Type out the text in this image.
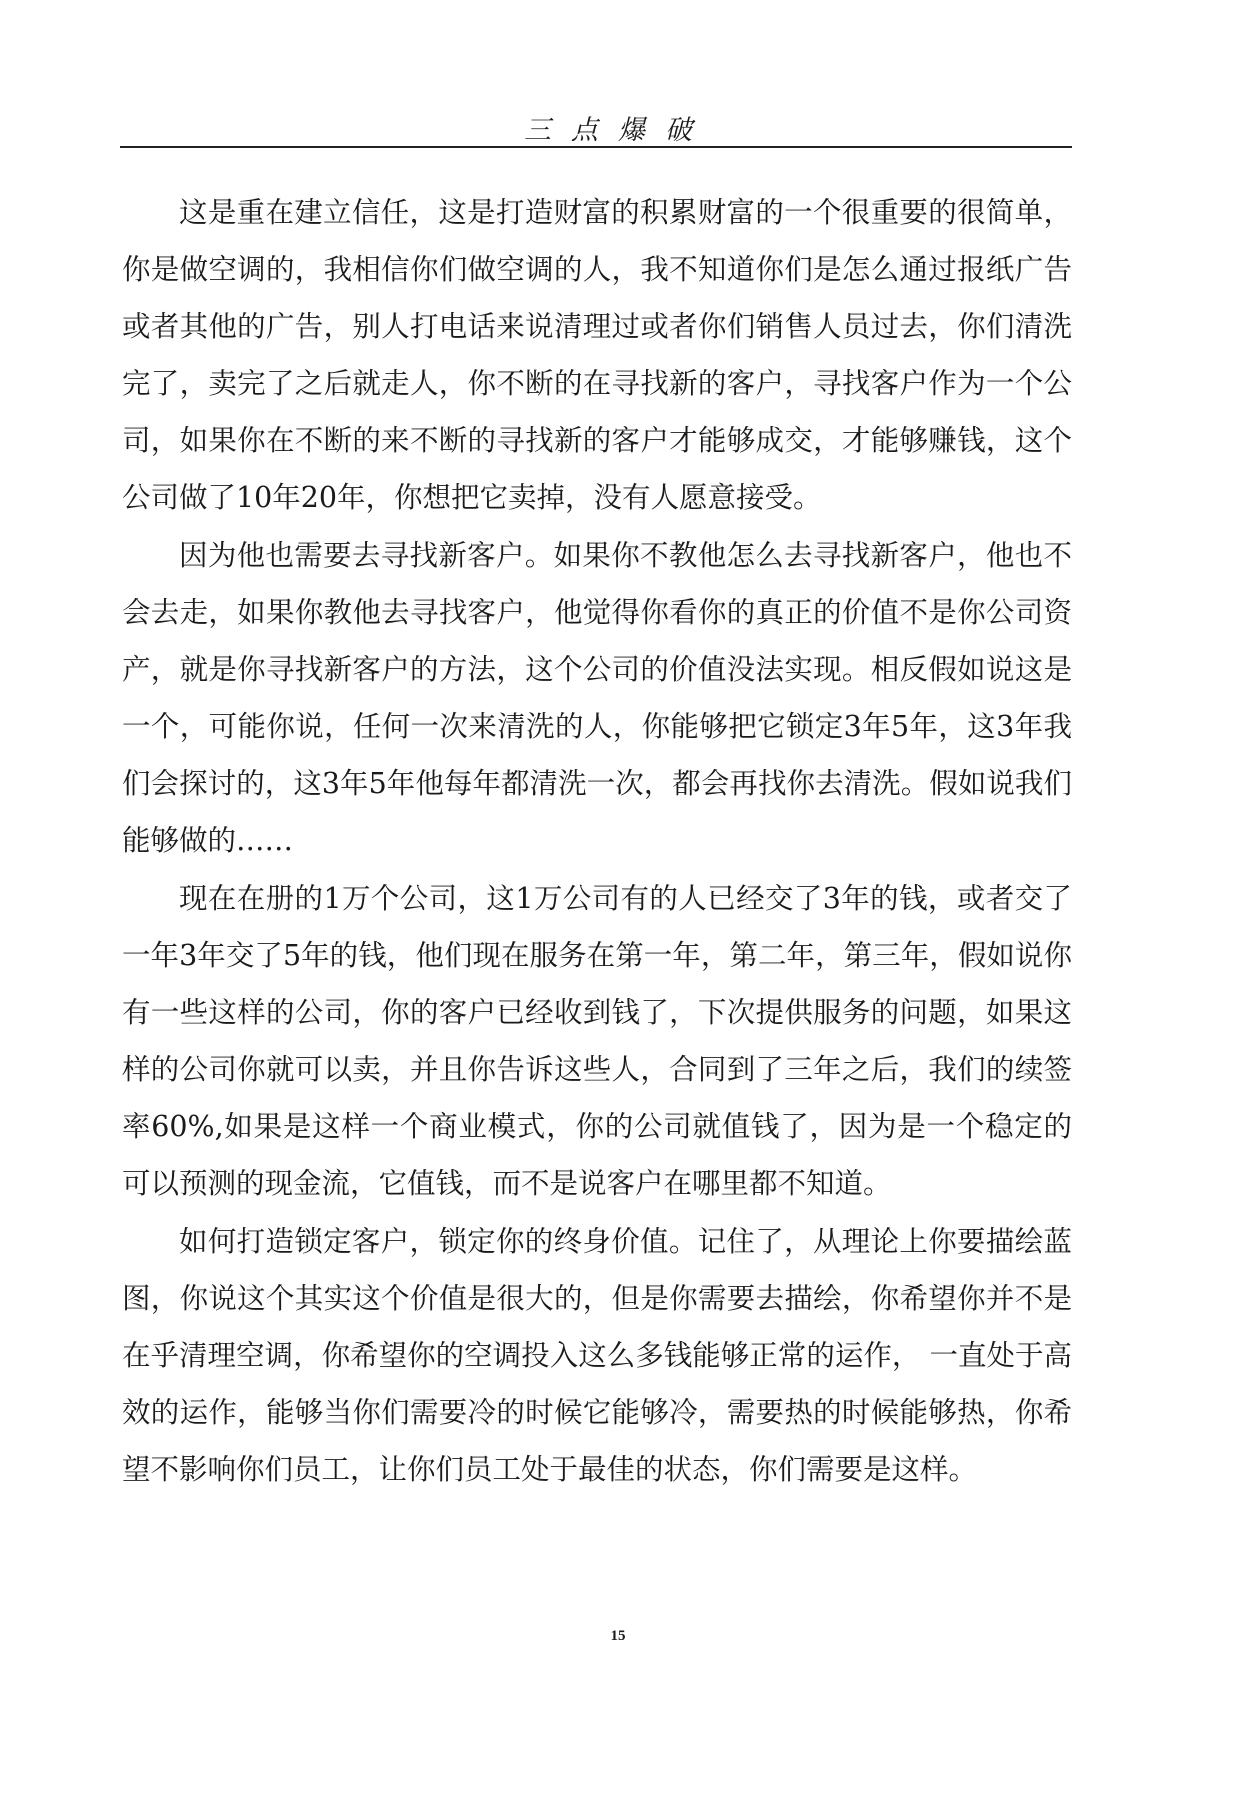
三点爆破

这是重在建立信任，这是打造财富的积累财富的一个很重要的很简单，你是做空调的，我相信你们做空调的人，我不知道你们是怎么通过报纸广告或者其他的广告，别人打电话来说清理过或者你们销售人员过去，你们清洗完了，卖完了之后就走人，你不断的在寻找新的客户，寻找客户作为一个公司，如果你在不断的来不断的寻找新的客户才能够成交，才能够赚钱，这个公司做了10年20年，你想把它卖掉，没有人愿意接受。

因为他也需要去寻找新客户。如果你不教他怎么去寻找新客户，他也不会去走，如果你教他去寻找客户，他觉得你看你的真正的价值不是你公司资产，就是你寻找新客户的方法，这个公司的价值没法实现。相反假如说这是一个，可能你说，任何一次来清洗的人，你能够把它锁定3年5年，这3年我们会探讨的，这3年5年他每年都清洗一次，都会再找你去清洗。假如说我们能够做的……

现在在册的1万个公司，这1万公司有的人已经交了3年的钱，或者交了一年3年交了5年的钱，他们现在服务在第一年，第二年，第三年，假如说你有一些这样的公司，你的客户已经收到钱了，下次提供服务的问题，如果这样的公司你就可以卖，并且你告诉这些人，合同到了三年之后，我们的续签率60%,如果是这样一个商业模式，你的公司就值钱了，因为是一个稳定的可以预测的现金流，它值钱，而不是说客户在哪里都不知道。

如何打造锁定客户，锁定你的终身价值。记住了，从理论上你要描绘蓝图，你说这个其实这个价值是很大的，但是你需要去描绘，你希望你并不是在乎清理空调，你希望你的空调投入这么多钱能够正常的运作， 一直处于高效的运作，能够当你们需要冷的时候它能够冷，需要热的时候能够热，你希望不影响你们员工，让你们员工处于最佳的状态，你们需要是这样。

15
